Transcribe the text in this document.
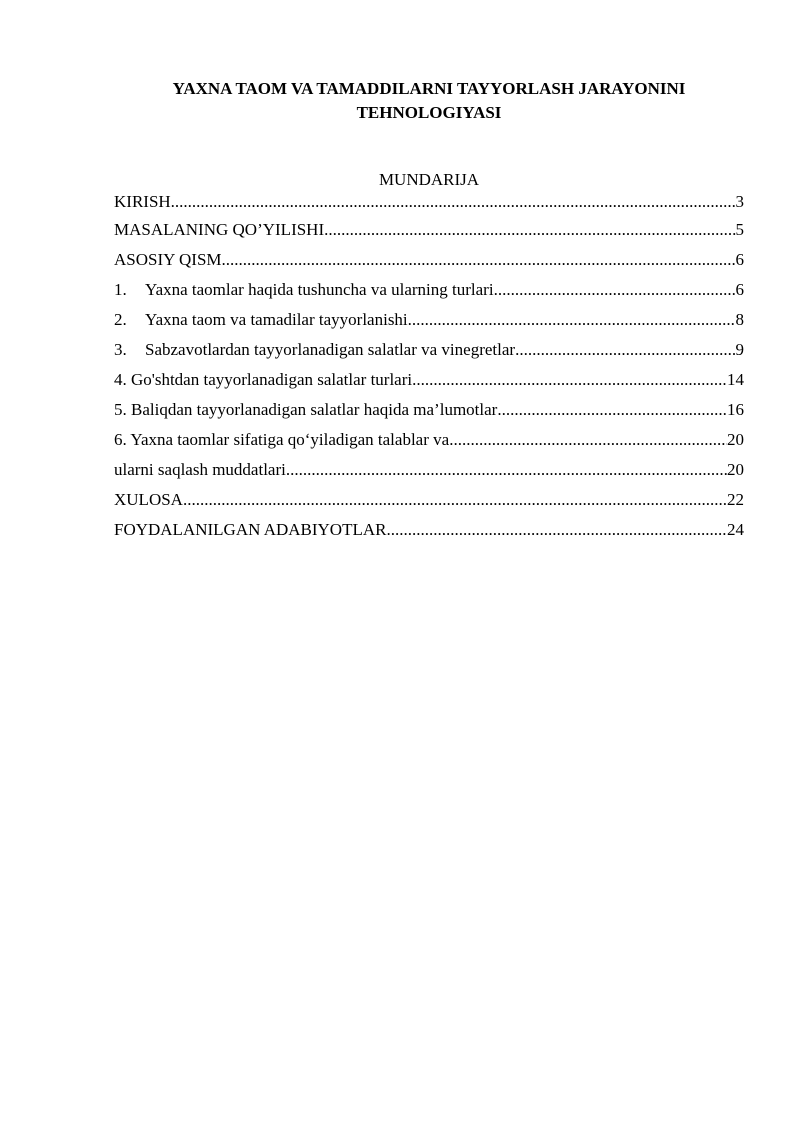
YAXNA TAOM VA TAMADDILARNI TAYYORLASH JARAYONINI TEHNOLOGIYASI
MUNDARIJA
KIRISH .....	3
MASALANING QO’YILISHI .....	5
ASOSIY QISM .....	6
1.	Yaxna taomlar haqida tushuncha va ularning turlari .....	6
2.	Yaxna taom va tamadilar tayyorlanishi .....	8
3.	Sabzavotlardan tayyorlanadigan salatlar va vinegretlar .....	9
4. Go'shtdan tayyorlanadigan salatlar turlari .....	14
5. Baliqdan tayyorlanadigan salatlar haqida ma’lumotlar .....	16
6. Yaxna taomlar sifatiga qo‘yiladigan talablar va .....	20
ularni saqlash muddatlari .....	20
XULOSA .....	22
FOYDALANILGAN ADABIYOTLAR .....	24
